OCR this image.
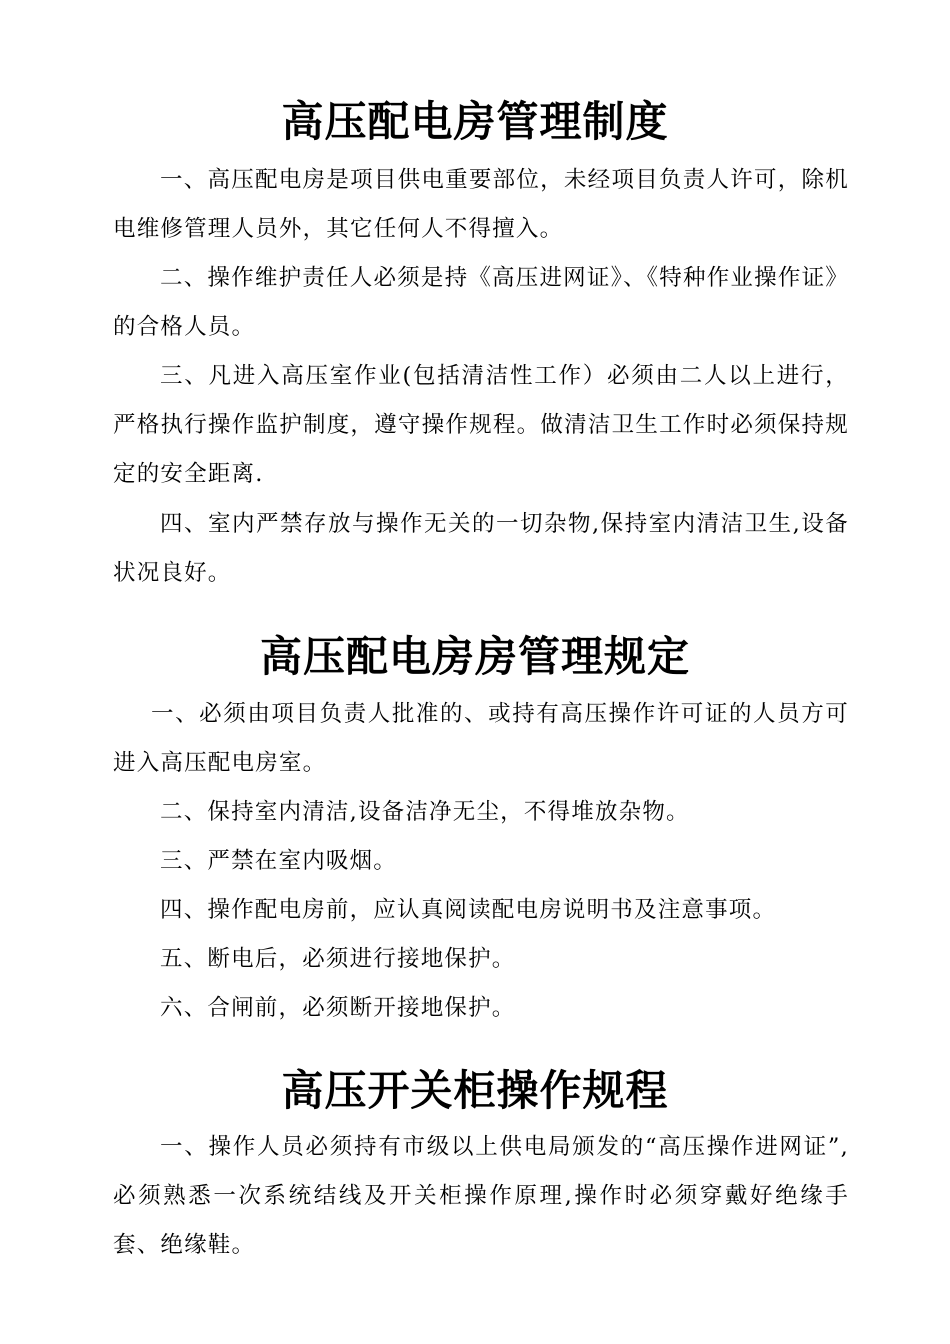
高压配电房管理制度

一、高压配电房是项目供电重要部位，未经项目负责人许可，除机电维修管理人员外，其它任何人不得擅入。

二、操作维护责任人必须是持《高压进网证》、《特种作业操作证》的合格人员。

三、凡进入高压室作业(包括清洁性工作）必须由二人以上进行，严格执行操作监护制度，遵守操作规程。做清洁卫生工作时必须保持规定的安全距离.

四、室内严禁存放与操作无关的一切杂物,保持室内清洁卫生,设备状况良好。

高压配电房房管理规定

一、必须由项目负责人批准的、或持有高压操作许可证的人员方可进入高压配电房室。

二、保持室内清洁,设备洁净无尘，不得堆放杂物。

三、严禁在室内吸烟。

四、操作配电房前，应认真阅读配电房说明书及注意事项。

五、断电后，必须进行接地保护。

六、合闸前，必须断开接地保护。

高压开关柜操作规程

一、操作人员必须持有市级以上供电局颁发的“高压操作进网证”,必须熟悉一次系统结线及开关柜操作原理,操作时必须穿戴好绝缘手套、绝缘鞋。
